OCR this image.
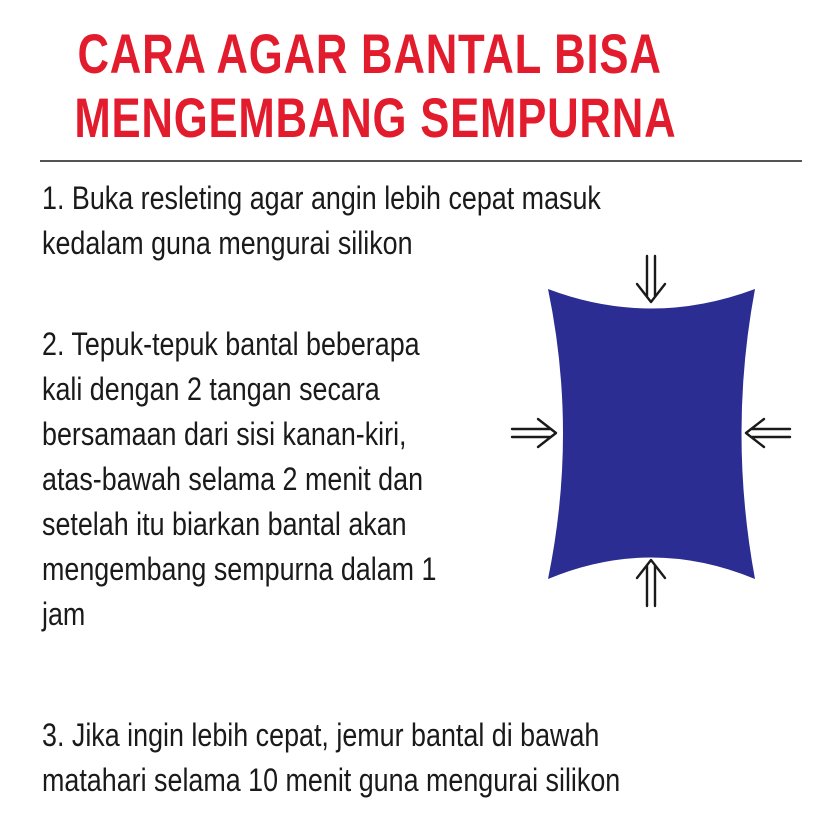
CARA AGAR BANTAL BISA
MENGEMBANG SEMPURNA

1. Buka resleting agar angin lebih cepat masuk
kedalam guna mengurai silikon

2. Tepuk-tepuk bantal beberapa
kali dengan 2 tangan secara
bersamaan dari sisi kanan-kiri,
atas-bawah selama 2 menit dan
setelah itu biarkan bantal akan
mengembang sempurna dalam 1
jam

3. Jika ingin lebih cepat, jemur bantal di bawah
matahari selama 10 menit guna mengurai silikon
